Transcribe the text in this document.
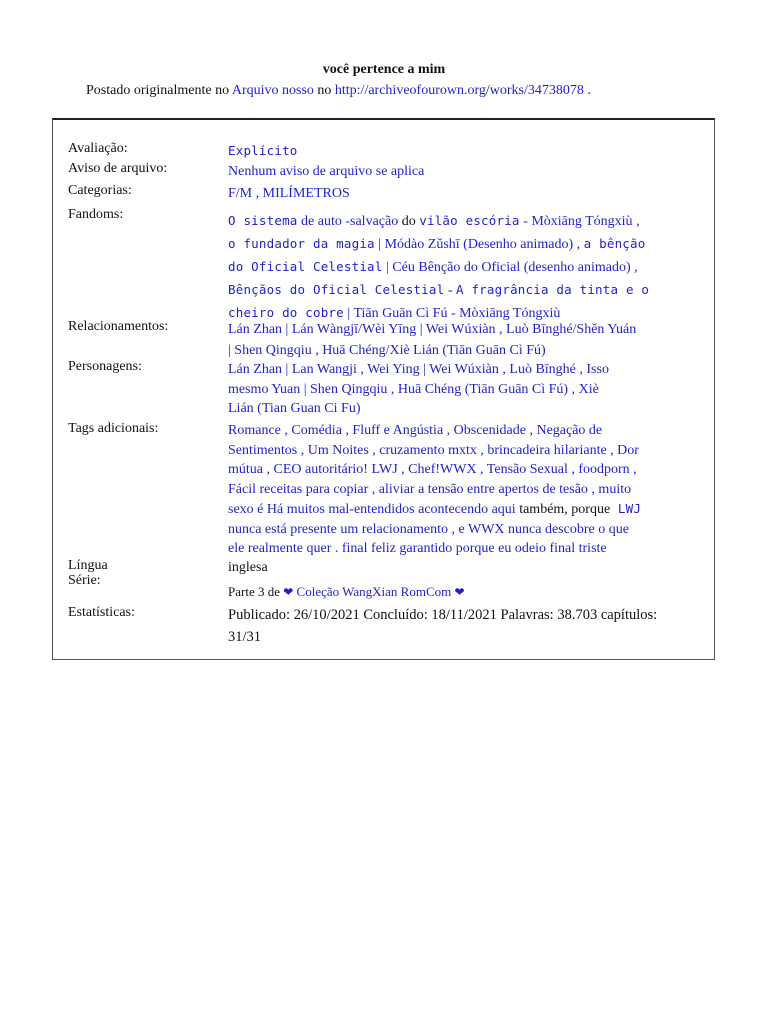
você pertence a mim
Postado originalmente no Arquivo nosso no http://archiveofourown.org/works/34738078 .
Avaliação:	Explícito
Aviso de arquivo:	Nenhum aviso de arquivo se aplica
Categorias:	F/M , MILÍMETROS
Fandoms:	O sistema de auto -salvação do vilão escória - Mòxiāng Tóngxiù ,
o fundador da magia | Módào Zǔshī (Desenho animado) , a bênção
do Oficial Celestial | Céu Bênção do Oficial (desenho animado) ,
Bênçãos do Oficial Celestial - A fragrância da tinta e o
cheiro do cobre | Tiān Guān Cì Fú - Mòxiāng Tóngxiù
Relacionamentos:	Lán Zhan | Lán Wàngjī/Wèi Yīng | Wei Wúxiàn , Luò Bīnghé/Shěn Yuán
| Shen Qingqiu , Huā Chéng/Xiè Lián (Tiān Guān Cì Fú)
Personagens:	Lán Zhan | Lan Wangji , Wei Ying | Wei Wúxiàn , Luò Bīnghé , Isso
mesmo Yuan | Shen Qingqiu , Huā Chéng (Tiān Guān Cì Fú) , Xiè
Lián (Tian Guan Ci Fu)
Tags adicionais:	Romance , Comédia , Fluff e Angústia , Obscenidade , Negação de
Sentimentos , Um Noites , cruzamento mxtx , brincadeira hilariante , Dor
mútua , CEO autoritário! LWJ , Chef!WWX , Tensão Sexual , foodporn ,
Fácil receitas para copiar , aliviar a tensão entre apertos de tesão , muito
sexo é Há muitos mal-entendidos acontecendo aqui também, porque LWJ
nunca está presente um relacionamento , e WWX nunca descobre o que
ele realmente quer . final feliz garantido porque eu odeio final triste
Língua	inglesa
Série:
Parte 3 de ❤ Coleção WangXian RomCom ❤
Estatísticas:	Publicado: 26/10/2021 Concluído: 18/11/2021 Palavras: 38.703 capítulos:
31/31
